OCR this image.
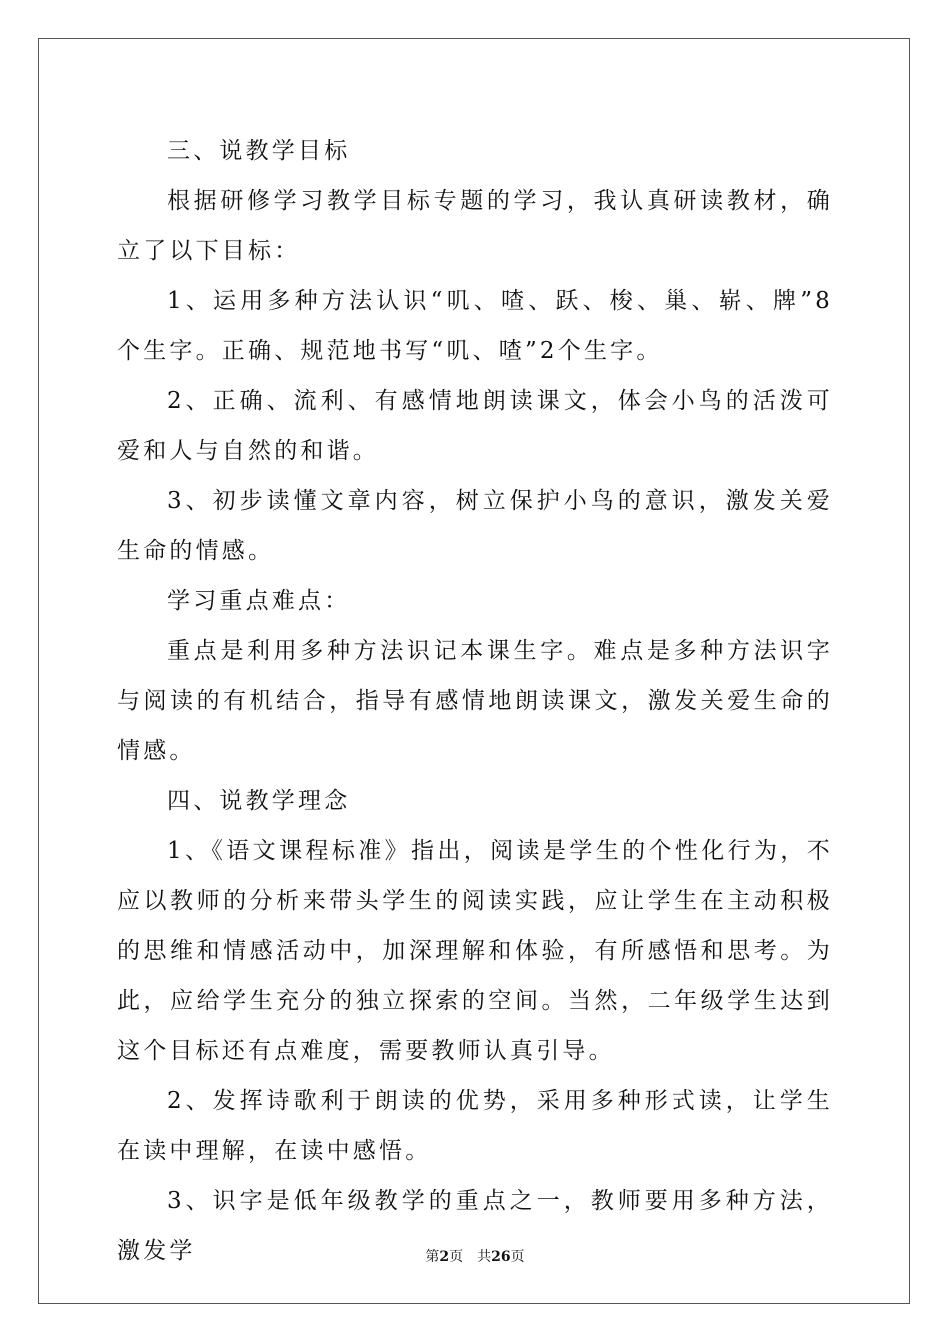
三、说教学目标

根据研修学习教学目标专题的学习，我认真研读教材，确立了以下目标：

1、运用多种方法认识“叽、喳、跃、梭、巢、崭、牌”8个生字。正确、规范地书写“叽、喳”2个生字。

2、正确、流利、有感情地朗读课文，体会小鸟的活泼可爱和人与自然的和谐。

3、初步读懂文章内容，树立保护小鸟的意识，激发关爱生命的情感。

学习重点难点：

重点是利用多种方法识记本课生字。难点是多种方法识字与阅读的有机结合，指导有感情地朗读课文，激发关爱生命的情感。

四、说教学理念

1、《语文课程标准》指出，阅读是学生的个性化行为，不应以教师的分析来带头学生的阅读实践，应让学生在主动积极的思维和情感活动中，加深理解和体验，有所感悟和思考。为此，应给学生充分的独立探索的空间。当然，二年级学生达到这个目标还有点难度，需要教师认真引导。

2、发挥诗歌利于朗读的优势，采用多种形式读，让学生在读中理解，在读中感悟。

3、识字是低年级教学的重点之一，教师要用多种方法，激发学	第2页 共26页
